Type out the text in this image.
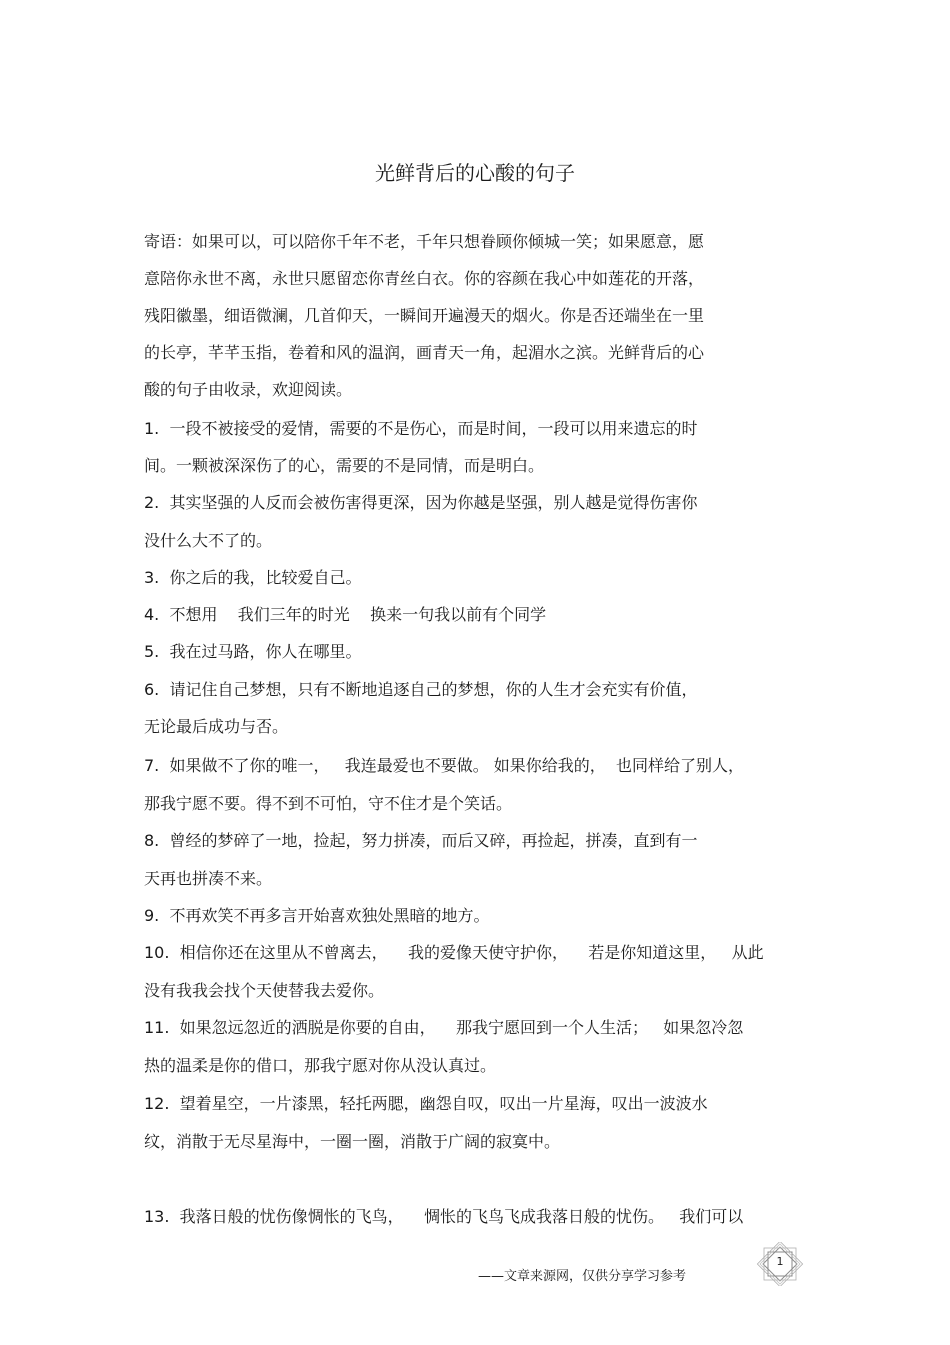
光鲜背后的心酸的句子
寄语：如果可以，可以陪你千年不老，千年只想眷顾你倾城一笑；如果愿意，愿
意陪你永世不离，永世只愿留恋你青丝白衣。你的容颜在我心中如莲花的开落，
残阳徽墨，细语微澜，几首仰天，一瞬间开遍漫天的烟火。你是否还端坐在一里
的长亭，芊芊玉指，卷着和风的温润，画青天一角，起湄水之滨。光鲜背后的心
酸的句子由收录，欢迎阅读。
1.  一段不被接受的爱情，需要的不是伤心，而是时间，一段可以用来遗忘的时
间。一颗被深深伤了的心，需要的不是同情，而是明白。
2.  其实坚强的人反而会被伤害得更深，因为你越是坚强，别人越是觉得伤害你
没什么大不了的。
3.  你之后的我，比较爱自己。
4.  不想用    我们三年的时光    换来一句我以前有个同学
5.  我在过马路，你人在哪里。
6.  请记住自己梦想，只有不断地追逐自己的梦想，你的人生才会充实有价值，
无论最后成功与否。
7.  如果做不了你的唯一，   我连最爱也不要做。 如果你给我的，  也同样给了别人，
那我宁愿不要。得不到不可怕，守不住才是个笑话。
8.  曾经的梦碎了一地，捡起，努力拼凑，而后又碎，再捡起，拼凑，直到有一
天再也拼凑不来。
9.  不再欢笑不再多言开始喜欢独处黑暗的地方。
10.  相信你还在这里从不曾离去，    我的爱像天使守护你，    若是你知道这里，   从此
没有我我会找个天使替我去爱你。
11.  如果忽远忽近的洒脱是你要的自由，    那我宁愿回到一个人生活；   如果忽冷忽
热的温柔是你的借口，那我宁愿对你从没认真过。
12.  望着星空，一片漆黑，轻托两腮，幽怨自叹，叹出一片星海，叹出一波波水
纹，消散于无尽星海中，一圈一圈，消散于广阔的寂寞中。
13.  我落日般的忧伤像惆怅的飞鸟，    惆怅的飞鸟飞成我落日般的忧伤。   我们可以
——文章来源网，仅供分享学习参考
1
